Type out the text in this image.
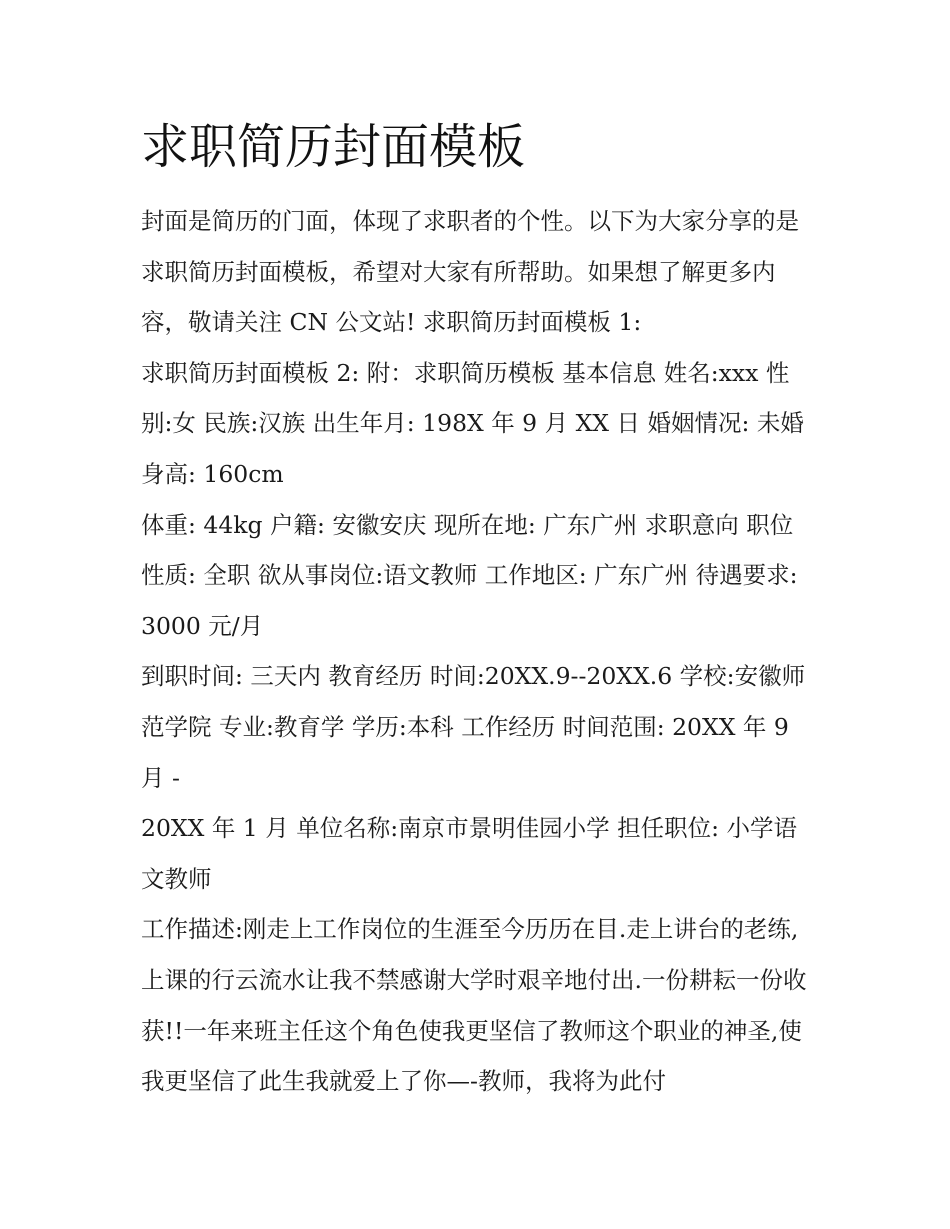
求职简历封面模板

封面是简历的门面，体现了求职者的个性。以下为大家分享的是求职简历封面模板，希望对大家有所帮助。如果想了解更多内容，敬请关注 CN 公文站! 求职简历封面模板 1:

求职简历封面模板 2: 附：求职简历模板 基本信息 姓名:xxx 性别:女 民族:汉族 出生年月: 198X 年 9 月 XX 日 婚姻情况: 未婚 身高: 160cm

体重: 44kg 户籍: 安徽安庆 现所在地: 广东广州 求职意向 职位性质: 全职 欲从事岗位:语文教师 工作地区: 广东广州 待遇要求: 3000 元/月

到职时间: 三天内 教育经历 时间:20XX.9--20XX.6 学校:安徽师范学院 专业:教育学 学历:本科 工作经历 时间范围: 20XX 年 9 月 -

20XX 年 1 月 单位名称:南京市景明佳园小学 担任职位: 小学语文教师

工作描述:刚走上工作岗位的生涯至今历历在目.走上讲台的老练,上课的行云流水让我不禁感谢大学时艰辛地付出.一份耕耘一份收获!!一年来班主任这个角色使我更坚信了教师这个职业的神圣,使我更坚信了此生我就爱上了你—-教师，我将为此付
